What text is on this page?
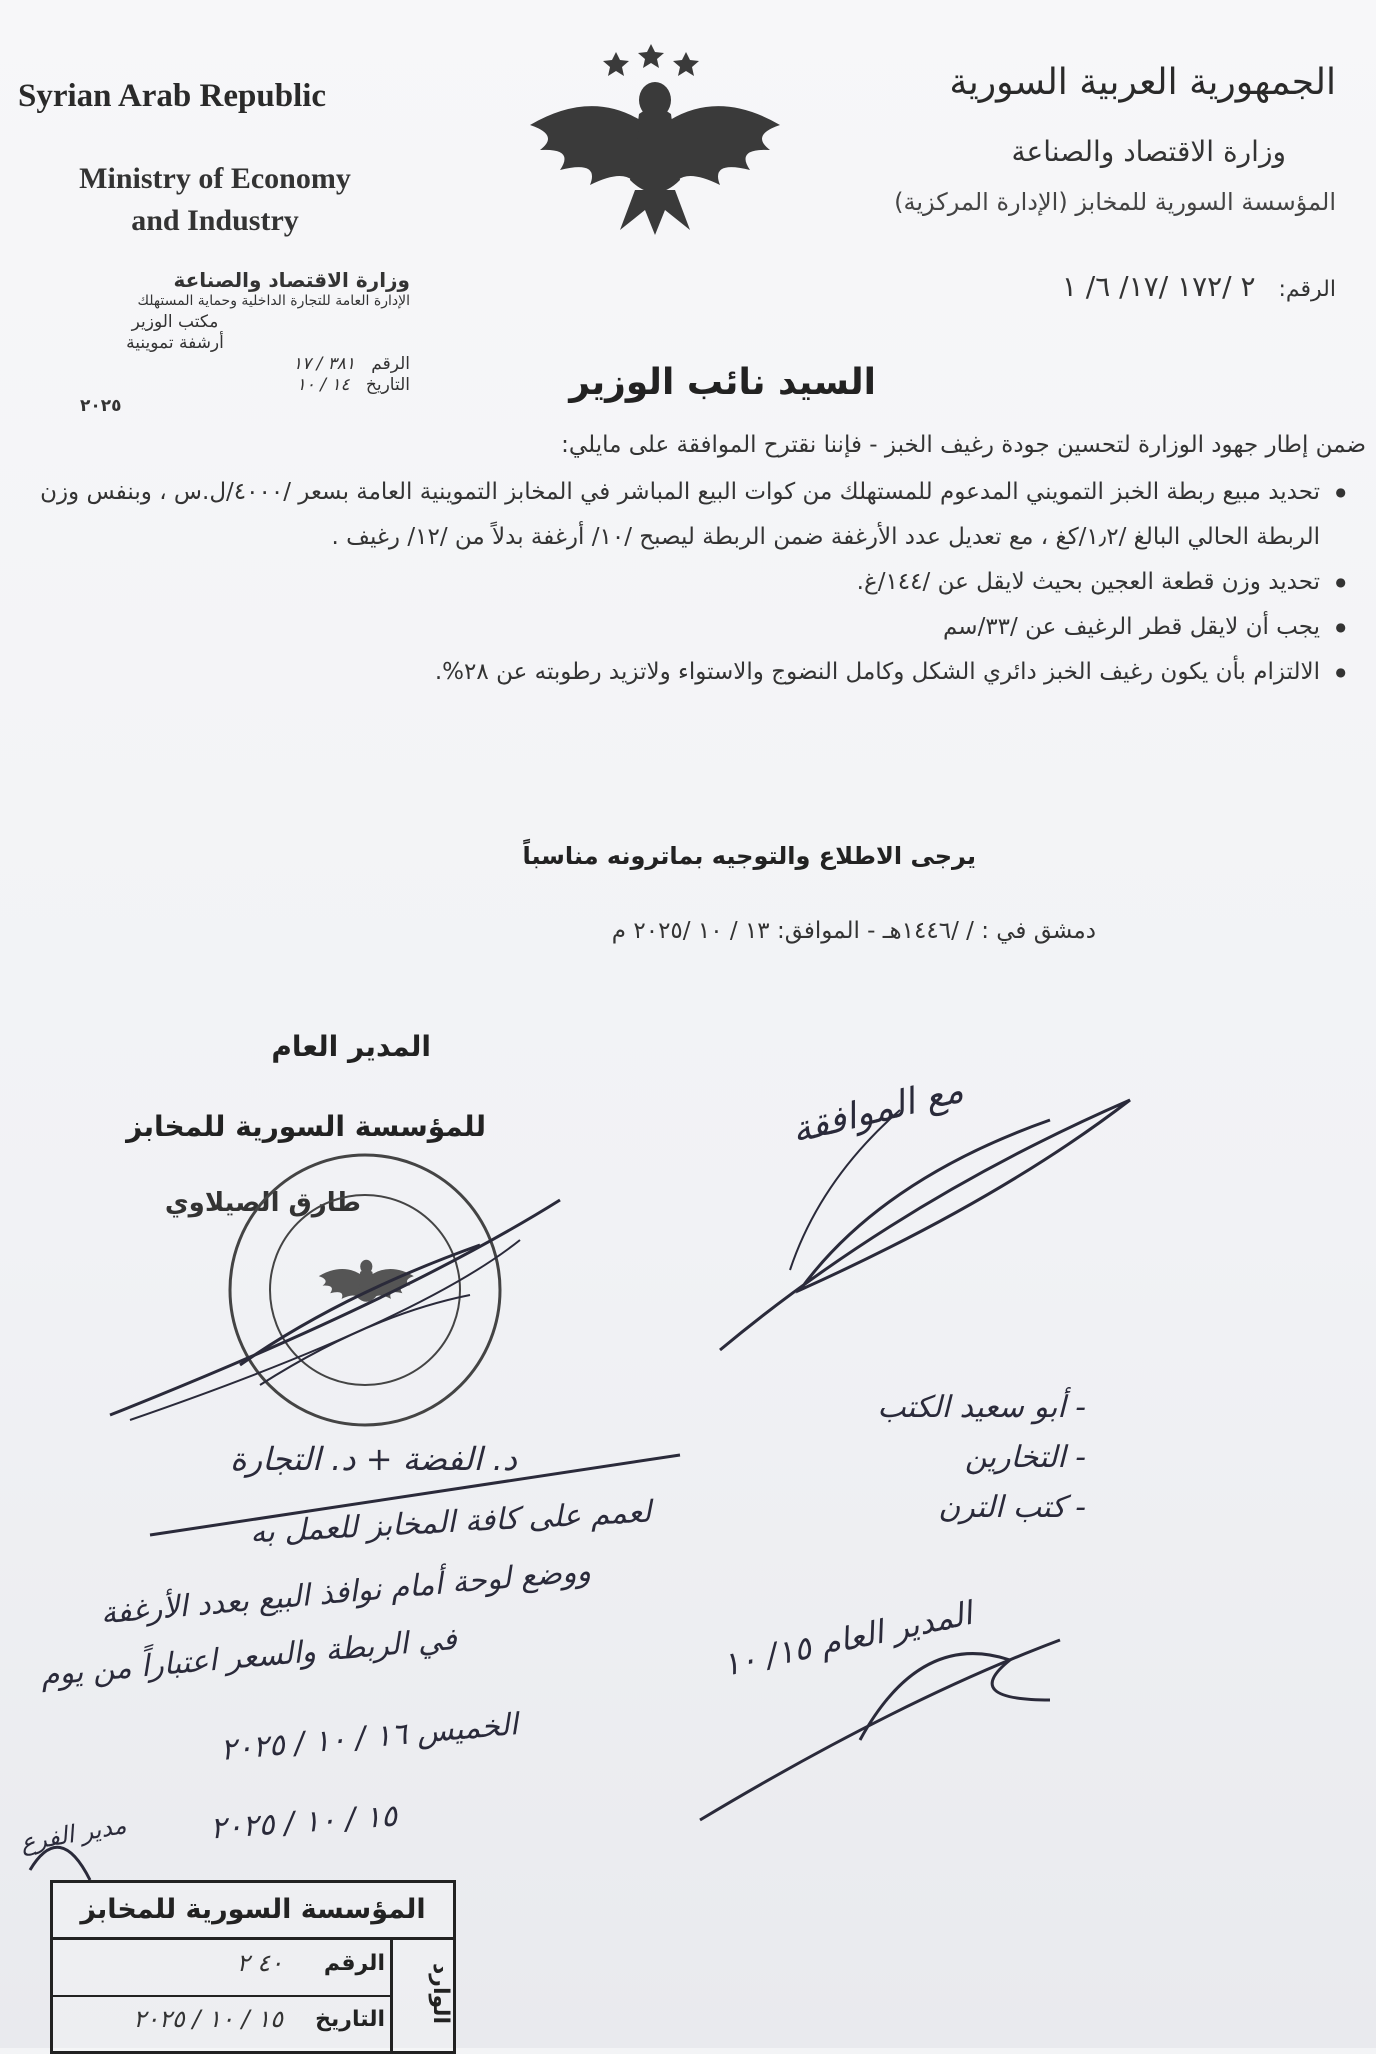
Syrian Arab Republic
Ministry of Economy
and Industry
الجمهورية العربية السورية
وزارة الاقتصاد والصناعة
المؤسسة السورية للمخابز (الإدارة المركزية)
الرقم: ٢ /١٧٢ /١٧/ ٦/ ١
وزارة الاقتصاد والصناعة
الإدارة العامة للتجارة الداخلية وحماية المستهلك
مكتب الوزير
أرشفة تموينية
الرقم   ٣٨١ / ١٧
التاريخ   ١٤ / ١٠
٢٠٢٥
السيد نائب الوزير
ضمن إطار جهود الوزارة لتحسين جودة رغيف الخبز - فإننا نقترح الموافقة على مايلي:
● تحديد مبيع ربطة الخبز التمويني المدعوم للمستهلك من كوات البيع المباشر في المخابز التموينية العامة بسعر /٤٠٠٠/ل.س ، وبنفس وزن الربطة الحالي البالغ /١٫٢/كغ ، مع تعديل عدد الأرغفة ضمن الربطة ليصبح /١٠/ أرغفة بدلاً من /١٢/ رغيف .
● تحديد وزن قطعة العجين بحيث لايقل عن /١٤٤/غ.
● يجب أن لايقل قطر الرغيف عن /٣٣/سم
● الالتزام بأن يكون رغيف الخبز دائري الشكل وكامل النضوج والاستواء ولاتزيد رطوبته عن ٢٨%.
يرجى الاطلاع والتوجيه بماترونه مناسباً
دمشق في : / /١٤٤٦هـ - الموافق: ١٣ / ١٠ /٢٠٢٥ م
المدير العام
للمؤسسة السورية للمخابز
طارق الصيلاوي
مع الموافقة
- أبو سعيد الكتب
- التخارين
- كتب الترن
المدير العام ١٥/ ١٠
د. الفضة + د. التجارة
لعمم على كافة المخابز للعمل به
ووضع لوحة أمام نوافذ البيع بعدد الأرغفة
في الربطة والسعر اعتباراً من يوم
الخميس ١٦ / ١٠ / ٢٠٢٥
١٥ / ١٠ / ٢٠٢٥
مدير الفرع
المؤسسة السورية للمخابز
الوارد
الرقم
٤٠ ٢
التاريخ
١٥ / ١٠ / ٢٠٢٥
